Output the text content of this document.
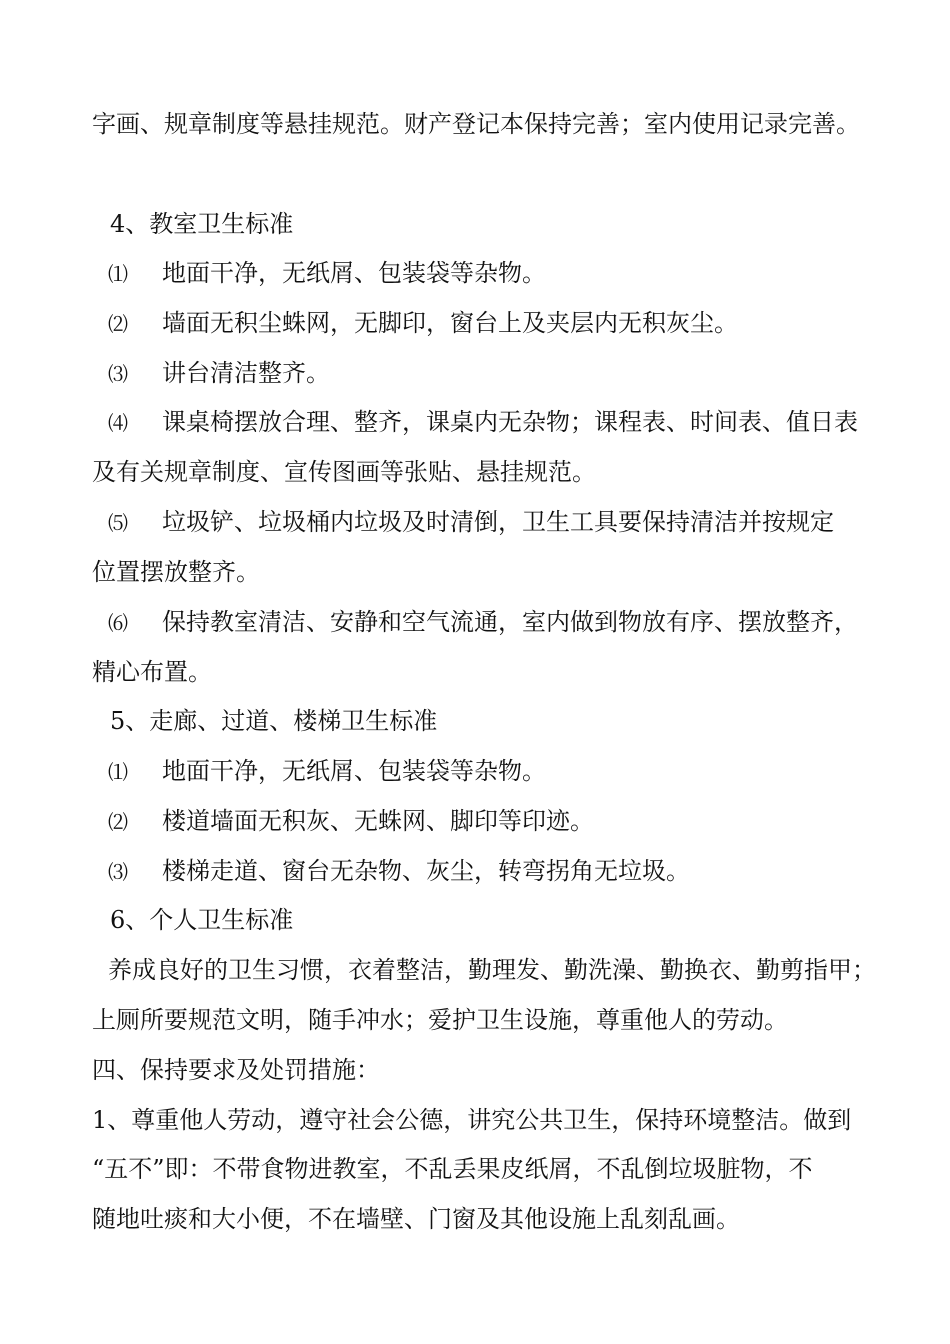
字画、规章制度等悬挂规范。财产登记本保持完善；室内使用记录完善。
4、教室卫生标准
⑴ 地面干净，无纸屑、包装袋等杂物。
⑵ 墙面无积尘蛛网，无脚印，窗台上及夹层内无积灰尘。
⑶ 讲台清洁整齐。
⑷ 课桌椅摆放合理、整齐，课桌内无杂物；课程表、时间表、值日表
及有关规章制度、宣传图画等张贴、悬挂规范。
⑸ 垃圾铲、垃圾桶内垃圾及时清倒，卫生工具要保持清洁并按规定
位置摆放整齐。
⑹ 保持教室清洁、安静和空气流通，室内做到物放有序、摆放整齐，
精心布置。
5、走廊、过道、楼梯卫生标准
⑴ 地面干净，无纸屑、包装袋等杂物。
⑵ 楼道墙面无积灰、无蛛网、脚印等印迹。
⑶ 楼梯走道、窗台无杂物、灰尘，转弯拐角无垃圾。
6、个人卫生标准
养成良好的卫生习惯，衣着整洁，勤理发、勤洗澡、勤换衣、勤剪指甲；
上厕所要规范文明，随手冲水；爱护卫生设施，尊重他人的劳动。
四、保持要求及处罚措施：
1、尊重他人劳动，遵守社会公德，讲究公共卫生，保持环境整洁。做到
“五不”即：不带食物进教室，不乱丢果皮纸屑，不乱倒垃圾脏物，不
随地吐痰和大小便，不在墙壁、门窗及其他设施上乱刻乱画。
